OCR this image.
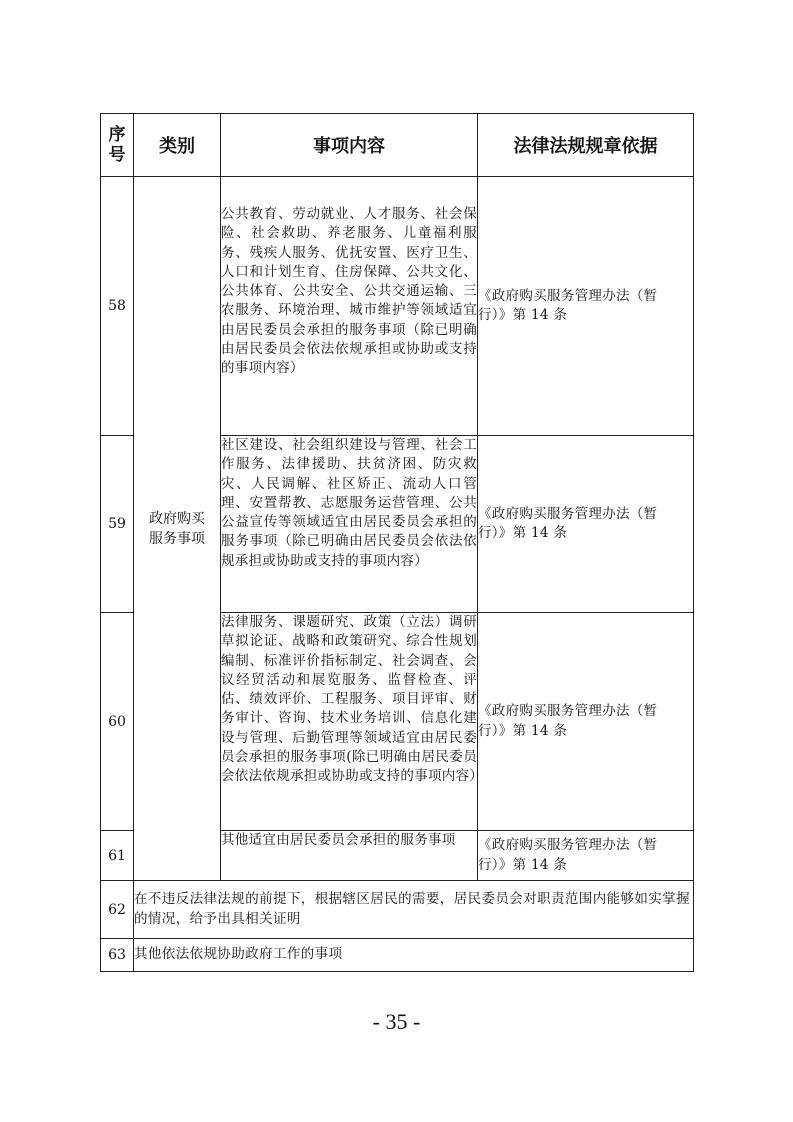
序
号	类别	事项内容	法律法规规章依据
58	政府购买
服务事项	公共教育、劳动就业、人才服务、社会保险、社会救助、养老服务、儿童福利服务、残疾人服务、优抚安置、医疗卫生、人口和计划生育、住房保障、公共文化、公共体育、公共安全、公共交通运输、三农服务、环境治理、城市维护等领域适宜由居民委员会承担的服务事项（除已明确由居民委员会依法依规承担或协助或支持的事项内容）	《政府购买服务管理办法（暂
行）》第 14 条

59		社区建设、社会组织建设与管理、社会工作服务、法律援助、扶贫济困、防灾救灾、人民调解、社区矫正、流动人口管理、安置帮教、志愿服务运营管理、公共公益宣传等领域适宜由居民委员会承担的服务事项（除已明确由居民委员会依法依规承担或协助或支持的事项内容）	《政府购买服务管理办法（暂
行）》第 14 条

60		法律服务、课题研究、政策（立法）调研草拟论证、战略和政策研究、综合性规划编制、标准评价指标制定、社会调查、会议经贸活动和展览服务、监督检查、评估、绩效评价、工程服务、项目评审、财务审计、咨询、技术业务培训、信息化建设与管理、后勤管理等领域适宜由居民委员会承担的服务事项(除已明确由居民委员会依法依规承担或协助或支持的事项内容）	《政府购买服务管理办法（暂
行）》第 14 条

61		其他适宜由居民委员会承担的服务事项	《政府购买服务管理办法（暂
行）》第 14 条

62	在不违反法律法规的前提下，根据辖区居民的需要，居民委员会对职责范围内能够如实掌握的情况，给予出具相关证明		
63	其他依法依规协助政府工作的事项		
- 35 -
